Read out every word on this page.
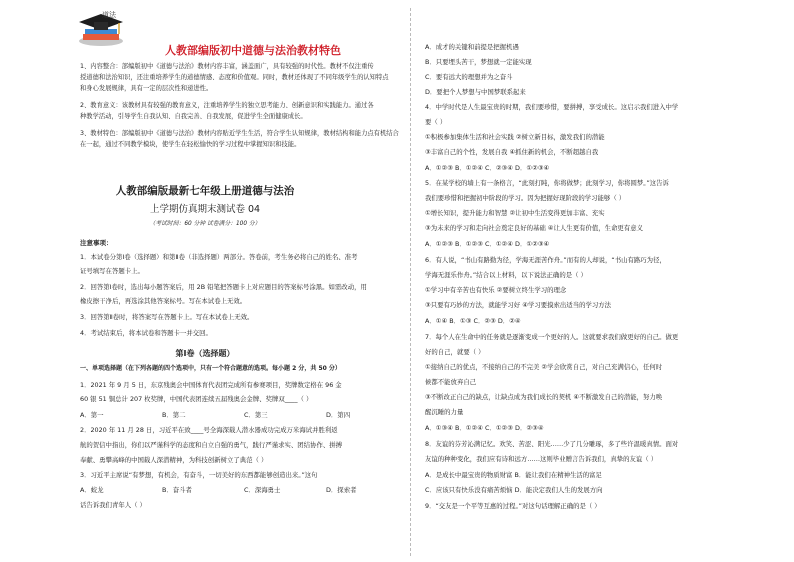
道法
人教部编版初中道德与法治教材特色
1、内容整合：部编版初中《道德与法治》教材内容丰富，涵盖面广，具有较强的时代性。教材不仅注重传
授道德和法治知识，还注重培养学生的道德情感、态度和价值观。同时，教材还体现了不同年级学生的认知特点
和身心发展规律，具有一定的层次性和递进性。
2、教育意义：该教材具有较强的教育意义，注重培养学生的独立思考能力、创新意识和实践能力。通过各
种教学活动，引导学生自我认知、自我完善、自我发展，促进学生全面健康成长。
3、教材特色：部编版初中《道德与法治》教材内容贴近学生生活，符合学生认知规律，教材结构和能力点有机结合
在一起，通过不同教学模块，使学生在轻松愉快的学习过程中掌握知识和技能。
人教部编版最新七年级上册道德与法治
上学期仿真期末测试卷 04
（考试时间：60 分钟 试卷满分：100 分）
注意事项：
1．本试卷分第Ⅰ卷（选择题）和第Ⅱ卷（非选择题）两部分。答卷前，考生务必将自己的姓名、准考
证号填写在答题卡上。
2．回答第Ⅰ卷时，选出每小题答案后，用 2B 铅笔把答题卡上对应题目的答案标号涂黑。如需改动，用
橡皮擦干净后，再选涂其他答案标号。写在本试卷上无效。
3．回答第Ⅱ卷时，将答案写在答题卡上。写在本试卷上无效。
4．考试结束后，将本试卷和答题卡一并交回。
第Ⅰ卷（选择题）
一、单项选择题（在下列各题的四个选项中，只有一个符合题意的选项。每小题 2 分，共 50 分）
1．2021 年 9 月 5 日，东京残奥会中国体育代表团完成所有参赛项目，奖牌数定格在 96 金
60 银 51 铜总计 207 枚奖牌，中国代表团连续五届残奥会金牌、奖牌双____（ ）
A．第一	B．第二	C．第三	D．第四
2．2020 年 11 月 28 日，习近平在致____号全海深载人潜水器成功完成万米海试并胜利返
航的贺信中指出，你们以严谨科学的态度和自立自强的勇气，践行严谨求实、团结协作、拼搏
奉献、勇攀高峰的中国载人深潜精神，为科技创新树立了典范（ ）
3．习近平主席说“有梦想，有机会，有奋斗，一切美好的东西都能够创造出来。”这句
A．蛟龙	B．奋斗者	C．深海勇士	D．探索者
话告诉我们青年人（ ）
A．成才的关键和前提是把握机遇
B．只要埋头苦干，梦想就一定能实现
C．要有远大的理想并为之奋斗
D．要把个人梦想与中国梦联系起来
4．中学时代是人生最宝贵的时期，我们要珍惜，要拼搏，享受成长。这启示我们进入中学
要（ ）
①积极参加集体生活和社会实践 ②树立新目标，激发我们的潜能
③丰富自己的个性，发展自我 ④抓住新的机会，不断超越自我
A．①②③ B．①②④ C．②③④ D．①②③④
5．在某学校的墙上有一条格言，“此刻打盹，你将做梦；此刻学习，你将圆梦。”这告诉
我们要珍惜和把握初中阶段的学习。因为把握好现阶段的学习能够（ ）
①增长知识，提升能力和智慧 ②让初中生活变得更加丰富、充实
③为未来的学习和走向社会奠定良好的基础 ④让人生更有价值，生命更有意义
A．①②③ B．①②③ C．①②④ D．①②③④
6．有人说，“书山有路勤为径，学海无涯苦作舟。”而有的人却说，“书山有路巧为径，
学海无涯乐作舟。”结合以上材料，以下说法正确的是（ ）
①学习中有辛苦也有快乐 ②要树立终生学习的理念
③只要有巧妙的方法，就能学习好 ④学习要摸索出适当的学习方法
A．①④ B．①③ C．②③ D．②④
7．每个人在生命中的任务就是逐渐变成一个更好的人。这就要求我们做更好的自己。做更
好的自己，就要（ ）
①接纳自己的优点，不接纳自己的不完美 ②学会欣赏自己，对自己充满信心，任何时
候都不能放弃自己
③不断改正自己的缺点，让缺点成为我们成长的契机 ④不断激发自己的潜能，努力唤
醒沉睡的力量
A．①③④ B．①②④ C．①②③ D．②③④
8．友谊的芬芳沁满记忆。欢笑、苦涩、阳光……少了几分雕琢，多了些许温暖真情。面对
友谊的种种变化，我们应有诗和远方……这则毕业赠言告诉我们，真挚的友谊（ ）
A．是成长中最宝贵的物质财富 B．能让我们在精神生活的富足
C．应该只有快乐没有痛苦烦恼 D．能决定我们人生的发展方向
9．“交友是一个平等互惠的过程。”对这句话理解正确的是（ ）
